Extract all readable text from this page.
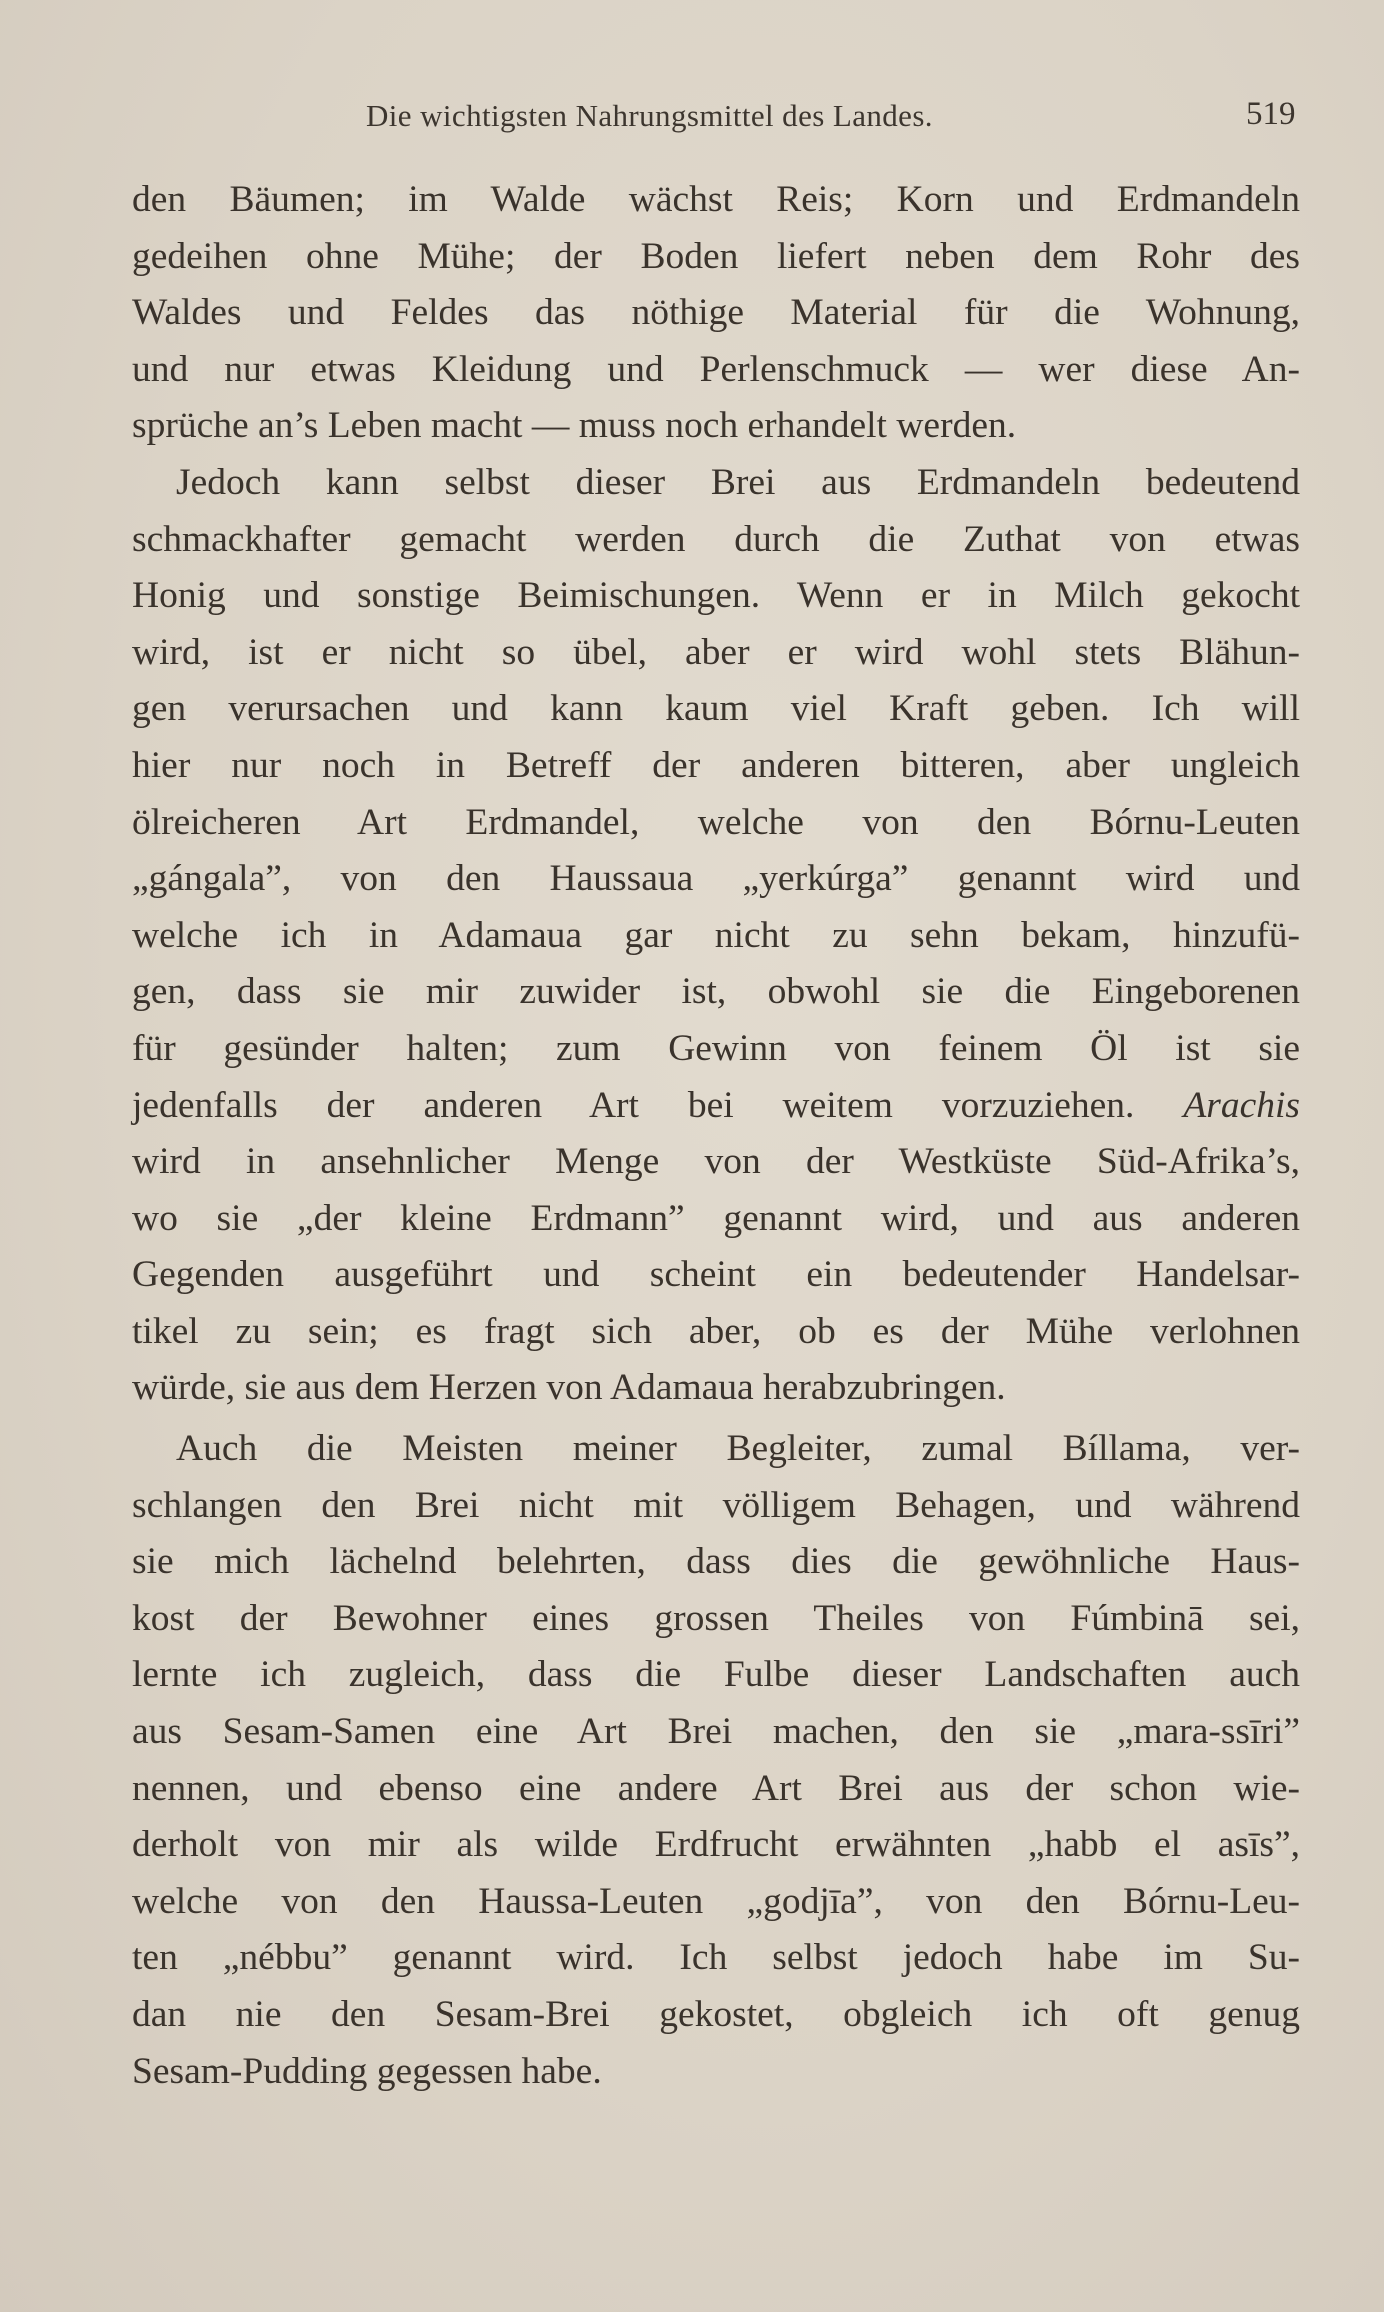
Die wichtigsten Nahrungsmittel des Landes.	519
den Bäumen; im Walde wächst Reis; Korn und Erdmandeln
gedeihen ohne Mühe; der Boden liefert neben dem Rohr des
Waldes und Feldes das nöthige Material für die Wohnung,
und nur etwas Kleidung und Perlenschmuck — wer diese An-
sprüche an’s Leben macht — muss noch erhandelt werden.
Jedoch kann selbst dieser Brei aus Erdmandeln bedeutend
schmackhafter gemacht werden durch die Zuthat von etwas
Honig und sonstige Beimischungen. Wenn er in Milch gekocht
wird, ist er nicht so übel, aber er wird wohl stets Blähun-
gen verursachen und kann kaum viel Kraft geben. Ich will
hier nur noch in Betreff der anderen bitteren, aber ungleich
ölreicheren Art Erdmandel, welche von den Bórnu-Leuten
„gángala”, von den Haussaua „yerkúrga” genannt wird und
welche ich in Adamaua gar nicht zu sehn bekam, hinzufü-
gen, dass sie mir zuwider ist, obwohl sie die Eingeborenen
für gesünder halten; zum Gewinn von feinem Öl ist sie
jedenfalls der anderen Art bei weitem vorzuziehen. Arachis
wird in ansehnlicher Menge von der Westküste Süd-Afrika’s,
wo sie „der kleine Erdmann” genannt wird, und aus anderen
Gegenden ausgeführt und scheint ein bedeutender Handelsar-
tikel zu sein; es fragt sich aber, ob es der Mühe verlohnen
würde, sie aus dem Herzen von Adamaua herabzubringen.
Auch die Meisten meiner Begleiter, zumal Bíllama, ver-
schlangen den Brei nicht mit völligem Behagen, und während
sie mich lächelnd belehrten, dass dies die gewöhnliche Haus-
kost der Bewohner eines grossen Theiles von Fúmbinā sei,
lernte ich zugleich, dass die Fulbe dieser Landschaften auch
aus Sesam-Samen eine Art Brei machen, den sie „mara-ssīri”
nennen, und ebenso eine andere Art Brei aus der schon wie-
derholt von mir als wilde Erdfrucht erwähnten „habb el asīs”,
welche von den Haussa-Leuten „godjīa”, von den Bórnu-Leu-
ten „nébbu” genannt wird. Ich selbst jedoch habe im Su-
dan nie den Sesam-Brei gekostet, obgleich ich oft genug
Sesam-Pudding gegessen habe.
